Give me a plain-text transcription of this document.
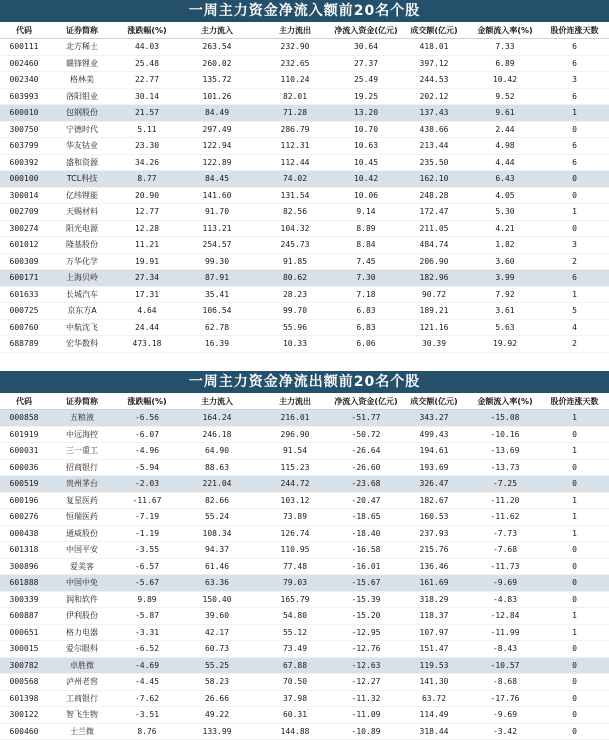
一周主力资金净流入额前20名个股
代码	证券简称	涨跌幅(%)	主力流入	主力流出	净流入资金(亿元)	成交额(亿元)	金额流入率(%)	股价连涨天数
600111	北方稀土	44.03	263.54	232.90	30.64	418.01	7.33	6
002460	赣锋锂业	25.48	260.02	232.65	27.37	397.12	6.89	6
002340	格林美	22.77	135.72	110.24	25.49	244.53	10.42	3
603993	洛阳钼业	30.14	101.26	82.01	19.25	202.12	9.52	6
600010	包钢股份	21.57	84.49	71.28	13.20	137.43	9.61	1
300750	宁德时代	5.11	297.49	286.79	10.70	438.66	2.44	0
603799	华友钴业	23.30	122.94	112.31	10.63	213.44	4.98	6
600392	盛和资源	34.26	122.89	112.44	10.45	235.50	4.44	6
000100	TCL科技	8.77	84.45	74.02	10.42	162.10	6.43	0
300014	亿纬锂能	20.90	141.60	131.54	10.06	248.28	4.05	0
002709	天赐材料	12.77	91.70	82.56	9.14	172.47	5.30	1
300274	阳光电源	12.28	113.21	104.32	8.89	211.05	4.21	0
601012	隆基股份	11.21	254.57	245.73	8.84	484.74	1.82	3
600309	万华化学	19.91	99.30	91.85	7.45	206.90	3.60	2
600171	上海贝岭	27.34	87.91	80.62	7.30	182.96	3.99	6
601633	长城汽车	17.31	35.41	28.23	7.18	90.72	7.92	1
000725	京东方A	4.64	106.54	99.70	6.83	189.21	3.61	5
600760	中航沈飞	24.44	62.78	55.96	6.83	121.16	5.63	4
688789	宏华数科	473.18	16.39	10.33	6.06	30.39	19.92	2

一周主力资金净流出额前20名个股
代码	证券简称	涨跌幅(%)	主力流入	主力流出	净流入资金(亿元)	成交额(亿元)	金额流入率(%)	股价连涨天数
000858	五粮液	-6.56	164.24	216.01	-51.77	343.27	-15.08	1
601919	中远海控	-6.07	246.18	296.90	-50.72	499.43	-10.16	0
600031	三一重工	-4.96	64.90	91.54	-26.64	194.61	-13.69	1
600036	招商银行	-5.94	88.63	115.23	-26.60	193.69	-13.73	0
600519	贵州茅台	-2.03	221.04	244.72	-23.68	326.47	-7.25	0
600196	复星医药	-11.67	82.66	103.12	-20.47	182.67	-11.20	1
600276	恒瑞医药	-7.19	55.24	73.89	-18.65	160.53	-11.62	1
000438	通威股份	-1.19	108.34	126.74	-18.40	237.93	-7.73	1
601318	中国平安	-3.55	94.37	110.95	-16.58	215.76	-7.68	0
300896	爱美客	-6.57	61.46	77.48	-16.01	136.46	-11.73	0
601888	中国中免	-5.67	63.36	79.03	-15.67	161.69	-9.69	0
300339	润和软件	9.89	150.40	165.79	-15.39	318.29	-4.83	0
600887	伊利股份	-5.87	39.60	54.80	-15.20	118.37	-12.84	1
000651	格力电器	-3.31	42.17	55.12	-12.95	107.97	-11.99	1
300015	爱尔眼科	-6.52	60.73	73.49	-12.76	151.47	-8.43	0
300782	卓胜微	-4.69	55.25	67.88	-12.63	119.53	-10.57	0
000568	泸州老窖	-4.45	58.23	70.50	-12.27	141.30	-8.68	0
601398	工商银行	-7.62	26.66	37.98	-11.32	63.72	-17.76	0
300122	智飞生物	-3.51	49.22	60.31	-11.09	114.49	-9.69	0
600460	士兰微	8.76	133.99	144.88	-10.89	318.44	-3.42	0
